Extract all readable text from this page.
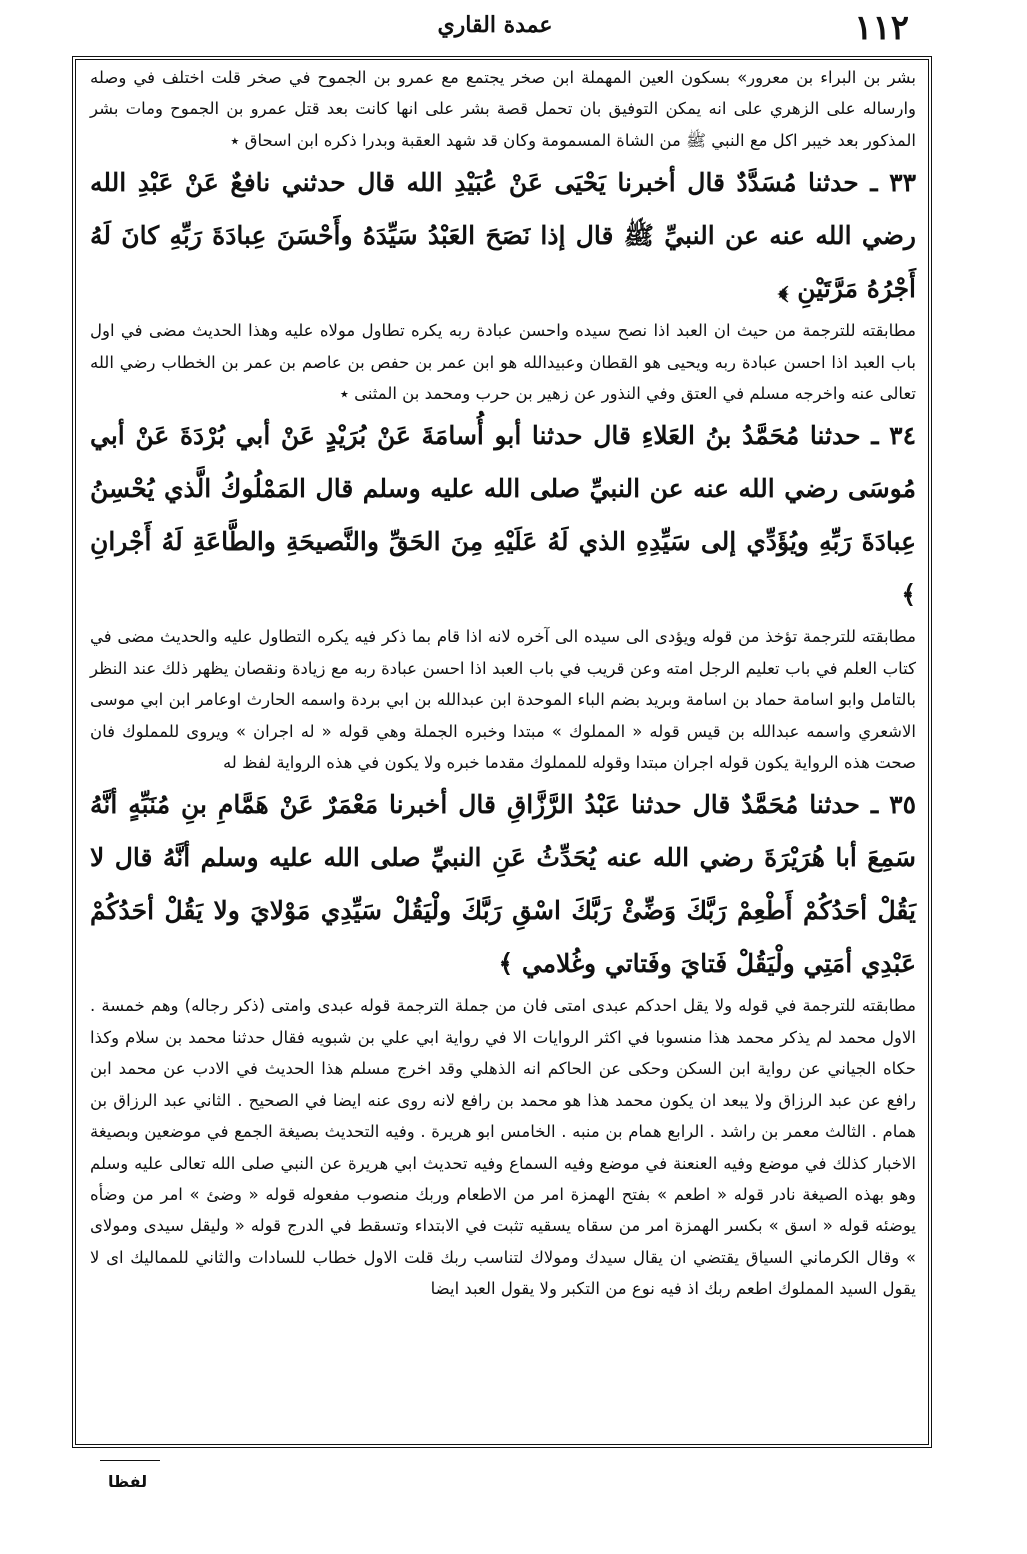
عمدة القاري	١١٢

بشر بن البراء بن معرور» بسكون العين المهملة ابن صخر يجتمع مع عمرو بن الجموح في صخر قلت اختلف في وصله وارساله على الزهري على انه يمكن التوفيق بان تحمل قصة بشر على انها كانت بعد قتل عمرو بن الجموح ومات بشر المذكور بعد خيبر اكل مع النبي ﷺ من الشاة المسمومة وكان قد شهد العقبة وبدرا ذكره ابن اسحاق ٭

٣٣ ـ حدثنا مُسَدَّدٌ قال أخبرنا يَحْيَى عَنْ عُبَيْدِ الله قال حدثني نافعٌ عَنْ عَبْدِ الله رضي الله عنه عن النبيِّ ﷺ قال إذا نَصَحَ العَبْدُ سَيِّدَهُ وأَحْسَنَ عِبادَةَ رَبِّهِ كانَ لَهُ أَجْرُهُ مَرَّتَيْنِ ﴾

مطابقته للترجمة من حيث ان العبد اذا نصح سيده واحسن عبادة ربه يكره تطاول مولاه عليه وهذا الحديث مضى في اول باب العبد اذا احسن عبادة ربه ويحيى هو القطان وعبيدالله هو ابن عمر بن حفص بن عاصم بن عمر بن الخطاب رضي الله تعالى عنه واخرجه مسلم في العتق وفي النذور عن زهير بن حرب ومحمد بن المثنى ٭

٣٤ ـ حدثنا مُحَمَّدُ بنُ العَلاءِ قال حدثنا أبو أُسامَةَ عَنْ بُرَيْدٍ عَنْ أبي بُرْدَةَ عَنْ أبي مُوسَى رضي الله عنه عن النبيِّ صلى الله عليه وسلم قال المَمْلُوكُ الَّذي يُحْسِنُ عِبادَةَ رَبِّهِ ويُؤَدِّي إلى سَيِّدِهِ الذي لَهُ عَلَيْهِ مِنَ الحَقِّ والنَّصيحَةِ والطَّاعَةِ لَهُ أَجْرانِ ﴾

مطابقته للترجمة تؤخذ من قوله ويؤدى الى سيده الى آخره لانه اذا قام بما ذكر فيه يكره التطاول عليه والحديث مضى في كتاب العلم في باب تعليم الرجل امته وعن قريب في باب العبد اذا احسن عبادة ربه مع زيادة ونقصان يظهر ذلك عند النظر بالتامل وابو اسامة حماد بن اسامة وبريد بضم الباء الموحدة ابن عبدالله بن ابي بردة واسمه الحارث اوعامر ابن ابي موسى الاشعري واسمه عبدالله بن قيس قوله « المملوك » مبتدا وخبره الجملة وهي قوله « له اجران » ويروى للمملوك فان صحت هذه الرواية يكون قوله اجران مبتدا وقوله للمملوك مقدما خبره ولا يكون في هذه الرواية لفظ له

٣٥ ـ حدثنا مُحَمَّدٌ قال حدثنا عَبْدُ الرَّزَّاقِ قال أخبرنا مَعْمَرٌ عَنْ هَمَّامِ بنِ مُنَبِّهٍ أنَّهُ سَمِعَ أبا هُرَيْرَةَ رضي الله عنه يُحَدِّثُ عَنِ النبيِّ صلى الله عليه وسلم أنَّهُ قال لا يَقُلْ أحَدُكُمْ أَطْعِمْ رَبَّكَ وَضِّئْ رَبَّكَ اسْقِ رَبَّكَ ولْيَقُلْ سَيِّدِي مَوْلايَ ولا يَقُلْ أحَدُكُمْ عَبْدِي أمَتِي ولْيَقُلْ فَتايَ وفَتاتي وغُلامي ﴾

مطابقته للترجمة في قوله ولا يقل احدكم عبدى امتى فان من جملة الترجمة قوله عبدى وامتى (ذكر رجاله) وهم خمسة . الاول محمد لم يذكر محمد هذا منسوبا في اكثر الروايات الا في رواية ابي علي بن شبويه فقال حدثنا محمد بن سلام وكذا حكاه الجياني عن رواية ابن السكن وحكى عن الحاكم انه الذهلي وقد اخرج مسلم هذا الحديث في الادب عن محمد ابن رافع عن عبد الرزاق ولا يبعد ان يكون محمد هذا هو محمد بن رافع لانه روى عنه ايضا في الصحيح . الثاني عبد الرزاق بن همام . الثالث معمر بن راشد . الرابع همام بن منبه . الخامس ابو هريرة . وفيه التحديث بصيغة الجمع في موضعين وبصيغة الاخبار كذلك في موضع وفيه العنعنة في موضع وفيه السماع وفيه تحديث ابي هريرة عن النبي صلى الله تعالى عليه وسلم وهو بهذه الصيغة نادر قوله « اطعم » بفتح الهمزة امر من الاطعام وربك منصوب مفعوله قوله « وضئ » امر من وضأه يوضئه قوله « اسق » بكسر الهمزة امر من سقاه يسقيه تثبت في الابتداء وتسقط في الدرج قوله « وليقل سيدى ومولاى » وقال الكرماني السياق يقتضي ان يقال سيدك ومولاك لتناسب ربك قلت الاول خطاب للسادات والثاني للمماليك اى لا يقول السيد المملوك اطعم ربك اذ فيه نوع من التكبر ولا يقول العبد ايضا

لفظا
